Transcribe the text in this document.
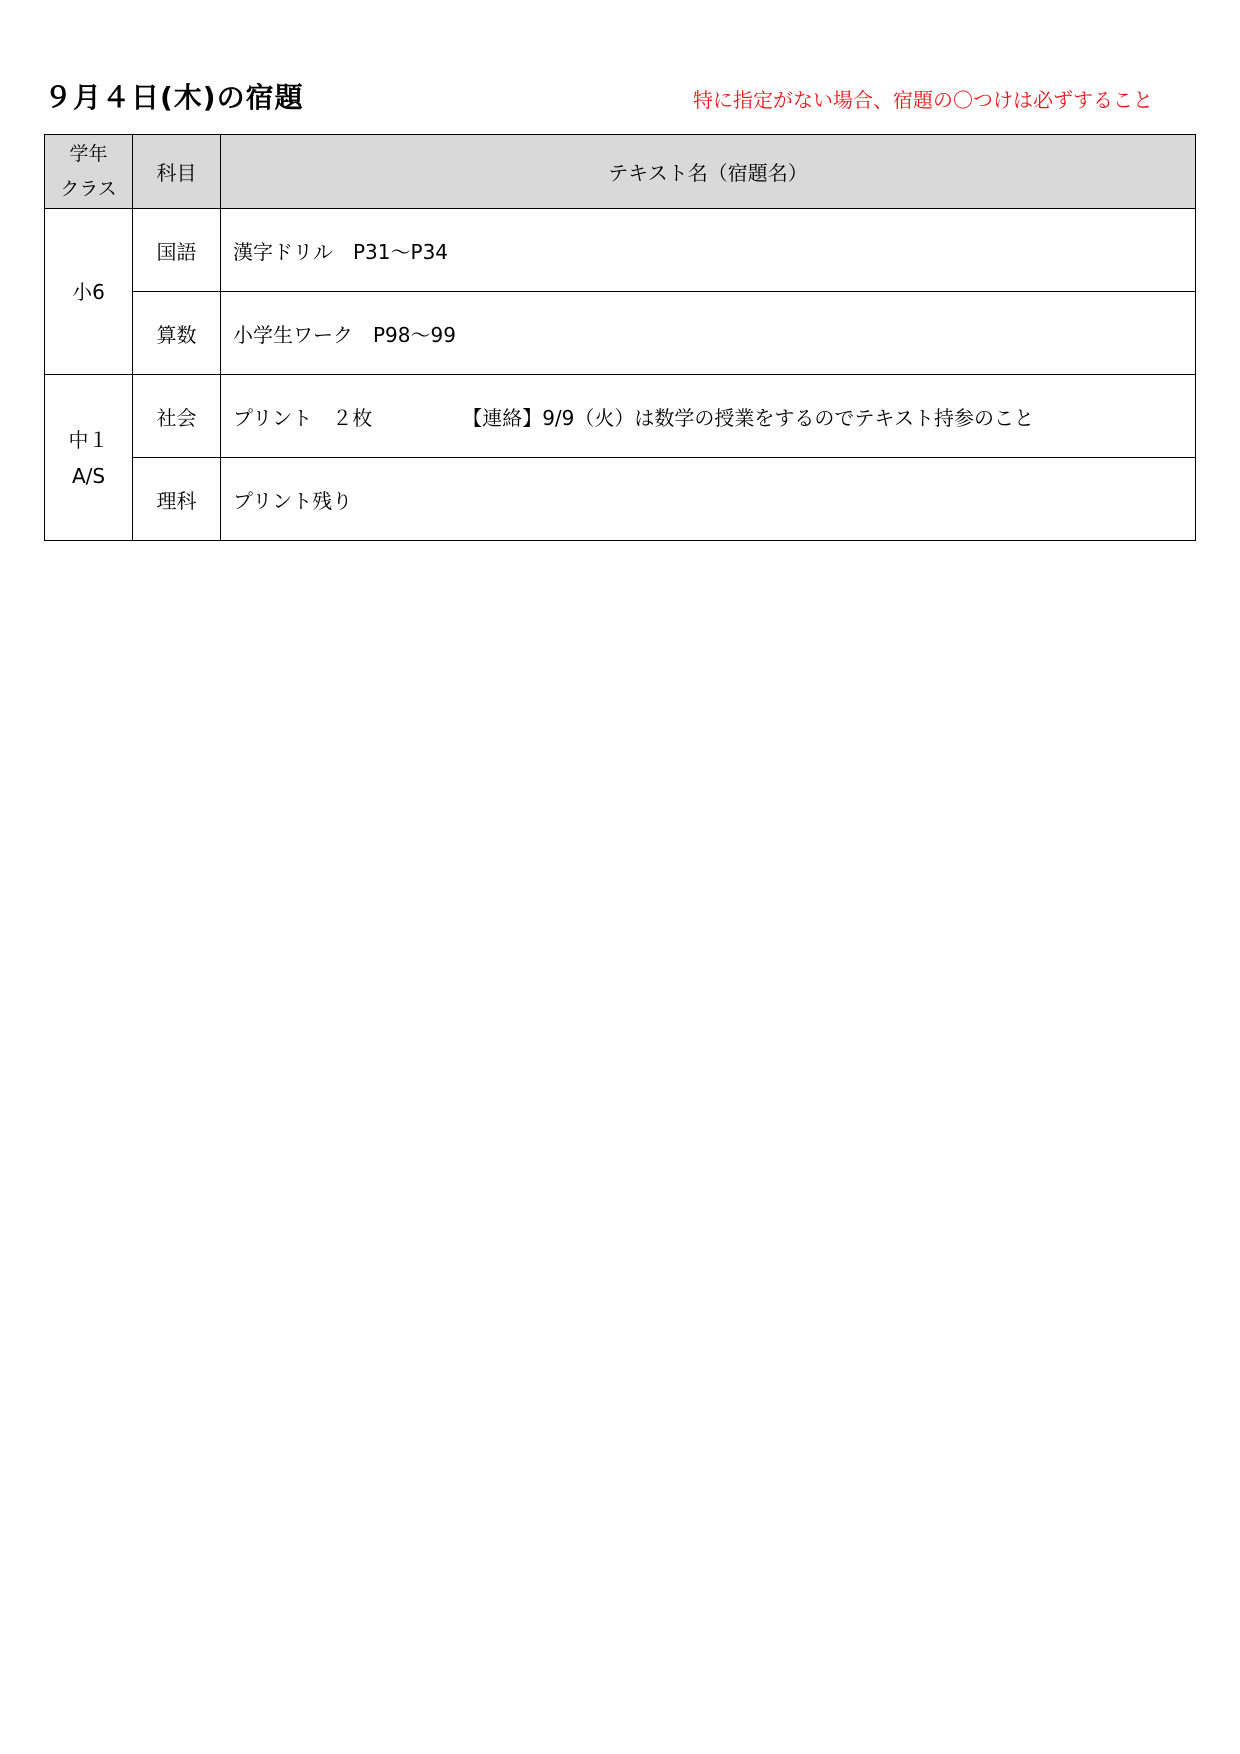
９月４日(木)の宿題	特に指定がない場合、宿題の〇つけは必ずすること
学年
クラス	科目	テキスト名（宿題名）

小6	国語	漢字ドリル　P31～P34
	算数	小学生ワーク　P98～99

中１
A/S	社会	プリント　２枚　　　　　【連絡】9/9（火）は数学の授業をするのでテキスト持参のこと
	理科	プリント残り
